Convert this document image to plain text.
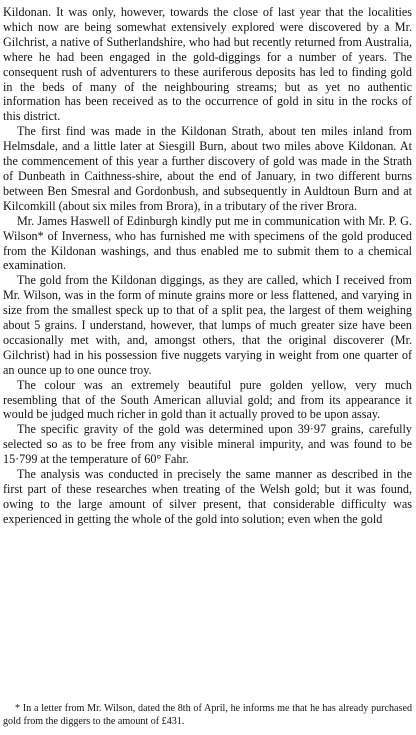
Kildonan. It was only, however, towards the close of last year that the localities which now are being somewhat extensively explored were discovered by a Mr. Gilchrist, a native of Sutherlandshire, who had but recently returned from Australia, where he had been engaged in the gold-diggings for a number of years. The consequent rush of adventurers to these auriferous deposits has led to finding gold in the beds of many of the neighbouring streams; but as yet no authentic information has been received as to the occurrence of gold in situ in the rocks of this district.

The first find was made in the Kildonan Strath, about ten miles inland from Helmsdale, and a little later at Siesgill Burn, about two miles above Kildonan. At the commencement of this year a further discovery of gold was made in the Strath of Dunbeath in Caithness-shire, about the end of January, in two different burns between Ben Smesral and Gordonbush, and subsequently in Auldtoun Burn and at Kilcomkill (about six miles from Brora), in a tributary of the river Brora.

Mr. James Haswell of Edinburgh kindly put me in communication with Mr. P. G. Wilson* of Inverness, who has furnished me with specimens of the gold produced from the Kildonan washings, and thus enabled me to submit them to a chemical examination.

The gold from the Kildonan diggings, as they are called, which I received from Mr. Wilson, was in the form of minute grains more or less flattened, and varying in size from the smallest speck up to that of a split pea, the largest of them weighing about 5 grains. I understand, however, that lumps of much greater size have been occasionally met with, and, amongst others, that the original discoverer (Mr. Gilchrist) had in his possession five nuggets varying in weight from one quarter of an ounce up to one ounce troy.

The colour was an extremely beautiful pure golden yellow, very much resembling that of the South American alluvial gold; and from its appearance it would be judged much richer in gold than it actually proved to be upon assay.

The specific gravity of the gold was determined upon 39·97 grains, carefully selected so as to be free from any visible mineral impurity, and was found to be 15·799 at the temperature of 60° Fahr.

The analysis was conducted in precisely the same manner as described in the first part of these researches when treating of the Welsh gold; but it was found, owing to the large amount of silver present, that considerable difficulty was experienced in getting the whole of the gold into solution; even when the gold

* In a letter from Mr. Wilson, dated the 8th of April, he informs me that he has already purchased gold from the diggers to the amount of £431.
